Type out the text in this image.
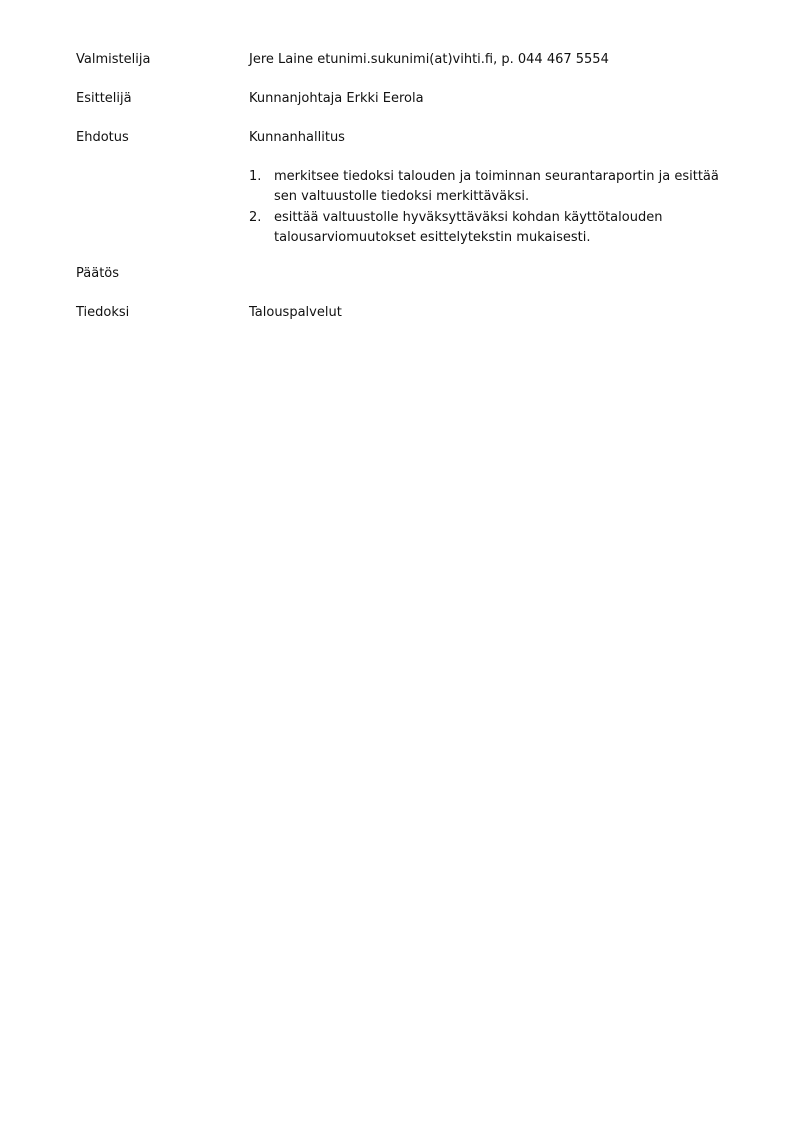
Valmistelija	Jere Laine etunimi.sukunimi(at)vihti.fi, p. 044 467 5554
Esittelijä	Kunnanjohtaja Erkki Eerola
Ehdotus	Kunnanhallitus
1. merkitsee tiedoksi talouden ja toiminnan seurantaraportin ja esittää sen valtuustolle tiedoksi merkittäväksi.
2. esittää valtuustolle hyväksyttäväksi kohdan käyttötalouden talousarviomuutokset esittelytekstin mukaisesti.
Päätös
Tiedoksi	Talouspalvelut
